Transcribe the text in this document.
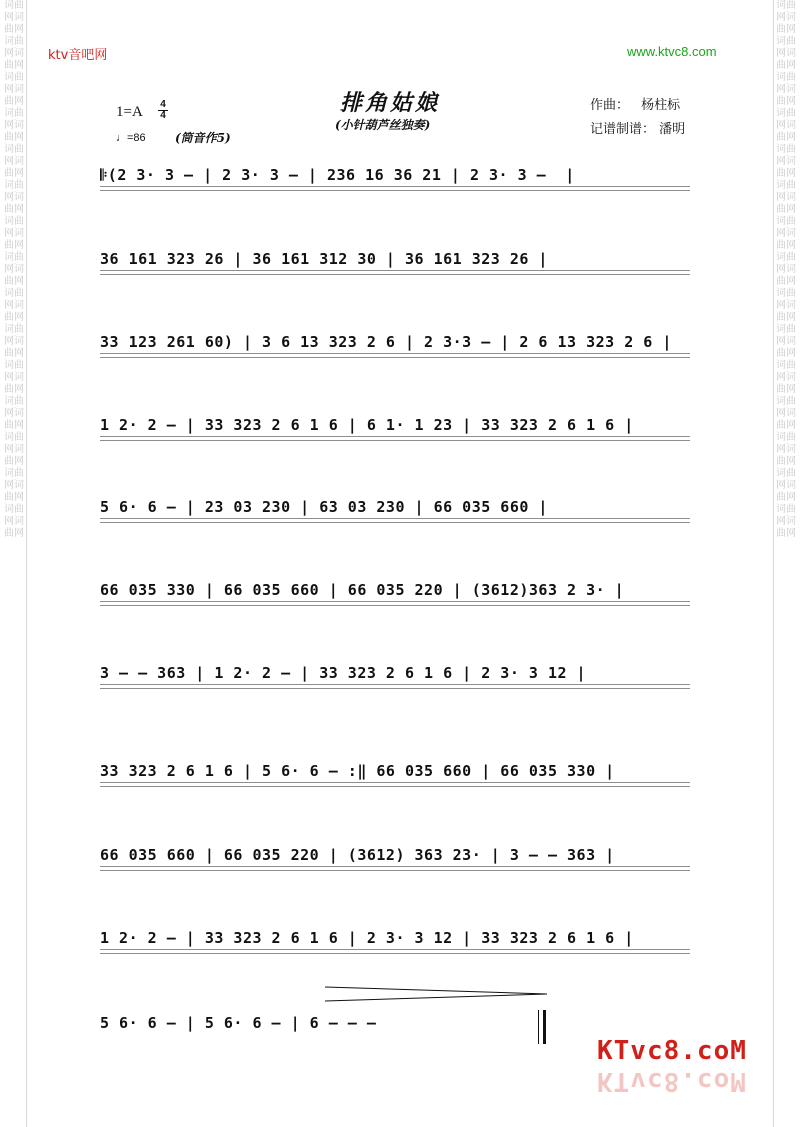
词曲网词曲网词曲网词曲网词曲网词曲网词曲网词曲网词曲网词曲网词曲网词曲网词曲网词曲网词曲网词曲网词曲网词曲网词曲网词曲网词曲网词曲网词曲网词曲网词曲网词曲网词曲网词曲网词曲网词曲网
词曲网词曲网词曲网词曲网词曲网词曲网词曲网词曲网词曲网词曲网词曲网词曲网词曲网词曲网词曲网词曲网词曲网词曲网词曲网词曲网词曲网词曲网词曲网词曲网词曲网词曲网词曲网词曲网词曲网词曲网
ktv音吧网	www.ktvc8.com
排角姑娘
(小针葫芦丝独奏)
1=A 4
4
♩=86 (筒音作5)
作曲： 杨柱标
记谱制谱： 潘明
𝄆(2 3· 3 – | 2 3· 3 – | 236 16 36 21 | 2 3· 3 –  |
36 161 323 26 | 36 161 312 30 | 36 161 323 26 |
33 123 261 60) | 3 6 13 323 2 6 | 2 3·3 – | 2 6 13 323 2 6 |
1 2· 2 – | 33 323 2 6 1 6 | 6 1· 1 23 | 33 323 2 6 1 6 |
5 6· 6 – | 23 03 230 | 63 03 230 | 66 035 660 |
66 035 330 | 66 035 660 | 66 035 220 | (3612)363 2 3· |
3 – – 363 | 1 2· 2 – | 33 323 2 6 1 6 | 2 3· 3 12 |
33 323 2 6 1 6 | 5 6· 6 – :‖ 66 035 660 | 66 035 330 |
66 035 660 | 66 035 220 | (3612) 363 23· | 3 – – 363 |
1 2· 2 – | 33 323 2 6 1 6 | 2 3· 3 12 | 33 323 2 6 1 6 |
5 6· 6 – | 5 6· 6 – | 6 – – –
KTvc8.coM
KTvc8.coM
